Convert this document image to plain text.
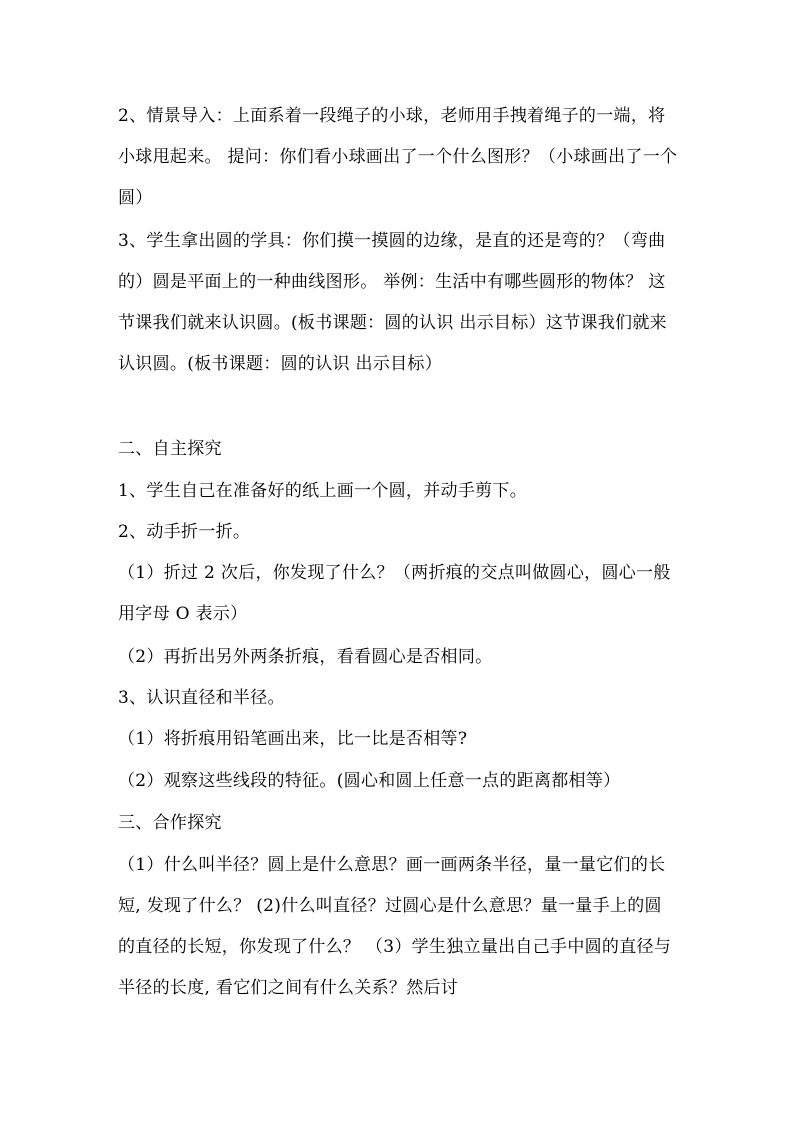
2、情景导入：上面系着一段绳子的小球，老师用手拽着绳子的一端，将小球甩起来。 提问：你们看小球画出了一个什么图形？（小球画出了一个圆）

3、学生拿出圆的学具：你们摸一摸圆的边缘，是直的还是弯的？（弯曲的）圆是平面上的一种曲线图形。 举例：生活中有哪些圆形的物体？ 这节课我们就来认识圆。(板书课题：圆的认识 出示目标）这节课我们就来认识圆。(板书课题：圆的认识 出示目标）

二、自主探究

1、学生自己在准备好的纸上画一个圆，并动手剪下。

2、动手折一折。

（1）折过 2 次后，你发现了什么？（两折痕的交点叫做圆心，圆心一般用字母 O 表示）

（2）再折出另外两条折痕，看看圆心是否相同。

3、认识直径和半径。

（1）将折痕用铅笔画出来，比一比是否相等?

（2）观察这些线段的特征。(圆心和圆上任意一点的距离都相等）

三、合作探究

（1）什么叫半径？圆上是什么意思？画一画两条半径，量一量它们的长短, 发现了什么？ (2)什么叫直径？过圆心是什么意思？量一量手上的圆的直径的长短，你发现了什么？ （3）学生独立量出自己手中圆的直径与半径的长度, 看它们之间有什么关系？然后讨
